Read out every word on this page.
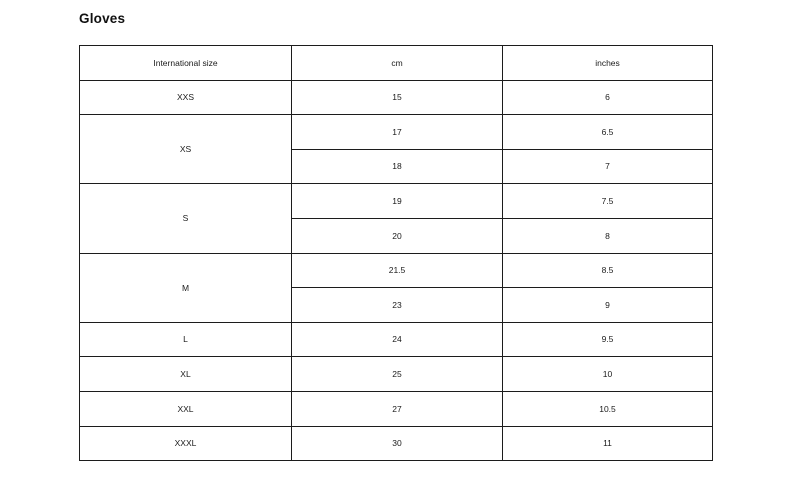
Gloves
International size	cm	inches
XXS	15	6
XS	17	6.5
	18	7
S	19	7.5
	20	8
M	21.5	8.5
	23	9
L	24	9.5
XL	25	10
XXL	27	10.5
XXXL	30	11
